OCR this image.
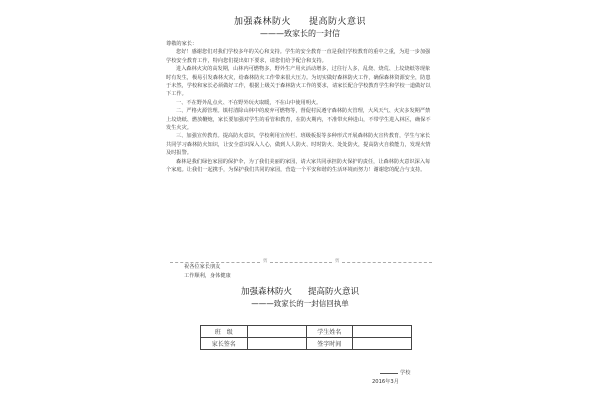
加强森林防火 提高防火意识
———致家长的一封信

尊敬的家长：

您好！感谢您们对我们学校多年的关心和支持。学生的安全教育一直是我们学校教育的重中之重，为进一步加强学校安全教育工作，特向您们提出如下要求，请您们给予配合和支持。

进入森林火灾的高发期，山林内可燃物多，野外生产用火活动增多，过往行人多，乱烧、烧荒、上坟烧纸等现象时有发生，极易引发森林火灾，给森林防火工作带来很大压力。为切实做好森林防火工作，确保森林资源安全，防患于未然，学校和家长必须做好工作，根据上级关于森林防火工作的要求，请家长配合学校教育学生和学校一道做好以下工作。

一、不在野外乱点火、不在野外玩火取暖，不在山中使用明火。

二、严格火源管理。镇村清除山林中的废弃可燃物等，督促村民遵守森林防火管理，大风天气、火灾多发期严禁上坟烧纸、燃放鞭炮，家长要加强对学生的看管和教育，在防火期内，不准带火种进山，不带学生进入林区，确保不发生火灾。

三、加强宣传教育。提高防火意识，学校利用宣传栏、班级板报等多种形式开展森林防火宣传教育，学生与家长共同学习森林防火知识，让安全意识深入人心，做到人人防火、时时防火、处处防火，提高防火自救能力，发现火情及时报警。

森林是我们绿色家园的保护伞，为了我们美丽的家园，请大家共同承担防火保护的责任，让森林防火意识深入每个家庭。让我们一起携手，为保护我们共同的家园，营造一个平安和谐的生活环境而努力！谢谢您的配合与支持。

祝各位家长朋友
工作顺利，身体健康
剪	剪
加强森林防火 提高防火意识
———致家长的一封信回执单
班　级		学生姓名	
家长签名		签字时间	
学校
2016年3月
